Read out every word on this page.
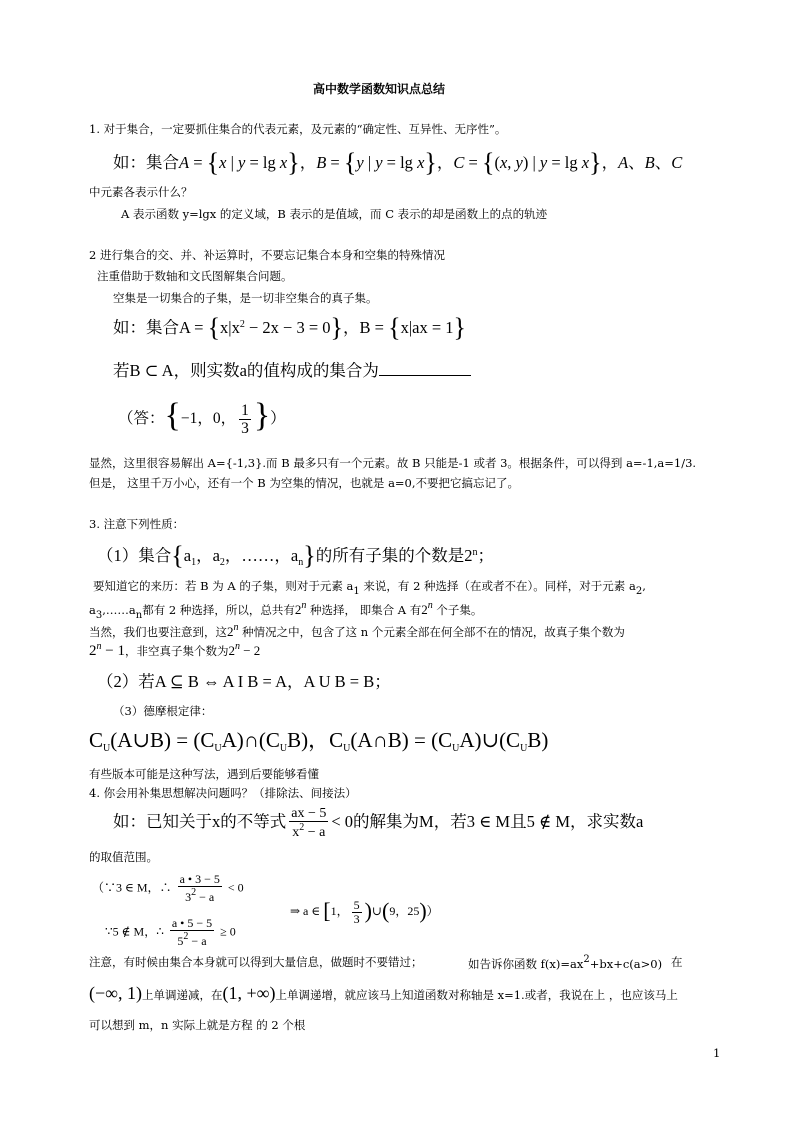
高中数学函数知识点总结
1. 对于集合，一定要抓住集合的代表元素，及元素的“确定性、互异性、无序性”。
如：集合A = {x | y = lg x}，B = {y | y = lg x}，C = {(x, y) | y = lg x}，A、B、C
中元素各表示什么？
A 表示函数 y=lgx 的定义域，B 表示的是值域，而 C 表示的却是函数上的点的轨迹
2 进行集合的交、并、补运算时，不要忘记集合本身和空集的特殊情况
注重借助于数轴和文氏图解集合问题。
空集是一切集合的子集，是一切非空集合的真子集。
如：集合$A = \{x|x^2 - 2x - 3 = 0\}$，B = {x|ax = 1}
若B ⊂ A，则实数a的值构成的集合为
（答：{−1，0， $\frac{1}{3}$ }）
显然，这里很容易解出 A={-1,3}.而 B 最多只有一个元素。故 B 只能是-1 或者 3。根据条件，可以得到 a=-1,a=1/3.
但是， 这里千万小心，还有一个 B 为空集的情况，也就是 a=0,不要把它搞忘记了。
3. 注意下列性质：
（1）集合{$a_1$，$a_2$，……，$a_n$}的所有子集的个数是2$^n$；
要知道它的来历：若 B 为 A 的子集，则对于元素 a1 来说，有 2 种选择（在或者不在）。同样，对于元素 a2,
a3,……an都有 2 种选择，所以，总共有2$^n$ 种选择， 即集合 A 有2$^n$ 个子集。
当然，我们也要注意到，这2$^n$ 种情况之中，包含了这 n 个元素全部在何全部不在的情况，故真子集个数为
$2^n - 1$，非空真子集个数为$2^n - 2$
（2）若A ⊆ B ⇔ A I B = A，A U B = B；
（3）德摩根定律：
$C_U(A\cup B)$ = $(C_UA)\cap(C_UB)$，$C_U(A\cap B)$ = $(C_UA)\cup(C_UB)$
有些版本可能是这种写法，遇到后要能够看懂
4. 你会用补集思想解决问题吗？（排除法、间接法）
如：已知关于x的不等式 $\frac{ax - 5}{x^2 - a} < 0$的解集为M，若3 ∈ M且5 ∉ M，求实数a
的取值范围。
（∵3 ∈ M，∴ $\frac{a • 3 - 5}{3^2 - a} < 0$
∵5 ∉ M，∴ $\frac{a • 5 - 5}{5^2 - a} \ge 0$
⇒ a ∈ [1， $\frac{5}{3}$ )∪(9，25)）
注意，有时候由集合本身就可以得到大量信息，做题时不要错过；	如告诉你函数 f(x)=ax2+bx+c(a>0) 在
(−∞, 1)上单调递减，在(1, +∞)上单调递增，就应该马上知道函数对称轴是 x=1.或者，我说在上 ，也应该马上
可以想到 m，n 实际上就是方程 的 2 个根
1
